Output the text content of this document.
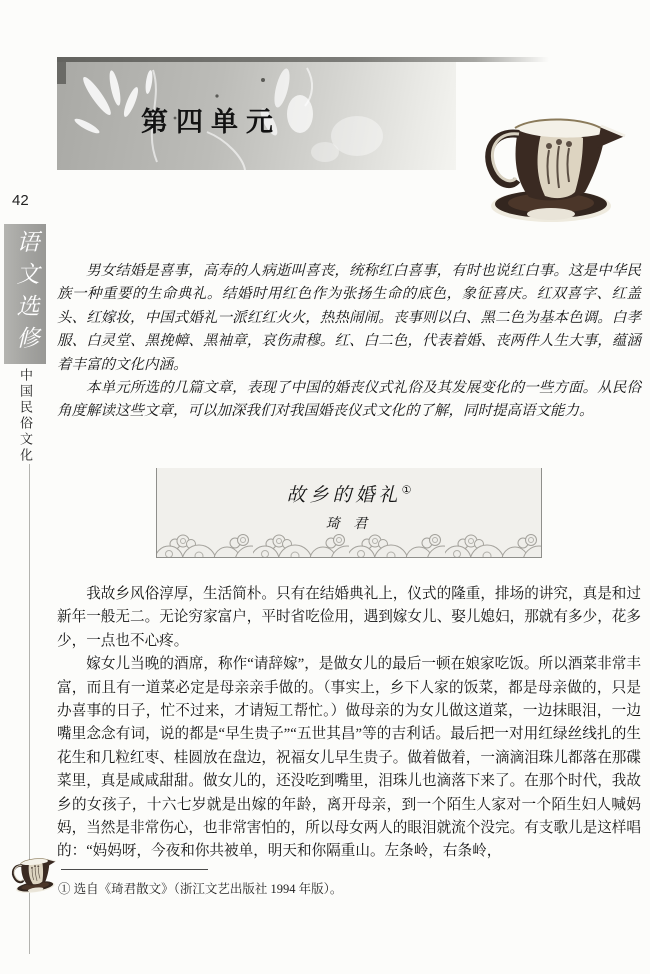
第四单元
42
语文选修
中国民俗文化

男女结婚是喜事，高寿的人病逝叫喜丧，统称红白喜事，有时也说红白事。这是中华民族一种重要的生命典礼。结婚时用红色作为张扬生命的底色，象征喜庆。红双喜字、红盖头、红嫁妆，中国式婚礼一派红红火火，热热闹闹。丧事则以白、黑二色为基本色调。白孝服、白灵堂、黑挽幛、黑袖章，哀伤肃穆。红、白二色，代表着婚、丧两件人生大事，蕴涵着丰富的文化内涵。

本单元所选的几篇文章，表现了中国的婚丧仪式礼俗及其发展变化的一些方面。从民俗角度解读这些文章，可以加深我们对我国婚丧仪式文化的了解，同时提高语文能力。

故乡的婚礼①
琦 君

我故乡风俗淳厚，生活简朴。只有在结婚典礼上，仪式的隆重，排场的讲究，真是和过新年一般无二。无论穷家富户，平时省吃俭用，遇到嫁女儿、娶儿媳妇，那就有多少，花多少，一点也不心疼。

嫁女儿当晚的酒席，称作“请辞嫁”，是做女儿的最后一顿在娘家吃饭。所以酒菜非常丰富，而且有一道菜必定是母亲亲手做的。（事实上，乡下人家的饭菜，都是母亲做的，只是办喜事的日子，忙不过来，才请短工帮忙。）做母亲的为女儿做这道菜，一边抹眼泪，一边嘴里念念有词，说的都是“早生贵子”“五世其昌”等的吉利话。最后把一对用红绿丝线扎的生花生和几粒红枣、桂圆放在盘边，祝福女儿早生贵子。做着做着，一滴滴泪珠儿都落在那碟菜里，真是咸咸甜甜。做女儿的，还没吃到嘴里，泪珠儿也滴落下来了。在那个时代，我故乡的女孩子，十六七岁就是出嫁的年龄，离开母亲，到一个陌生人家对一个陌生妇人喊妈妈，当然是非常伤心，也非常害怕的，所以母女两人的眼泪就流个没完。有支歌儿是这样唱的：“妈妈呀，今夜和你共被单，明天和你隔重山。左条岭，右条岭，

① 选自《琦君散文》（浙江文艺出版社 1994 年版）。
